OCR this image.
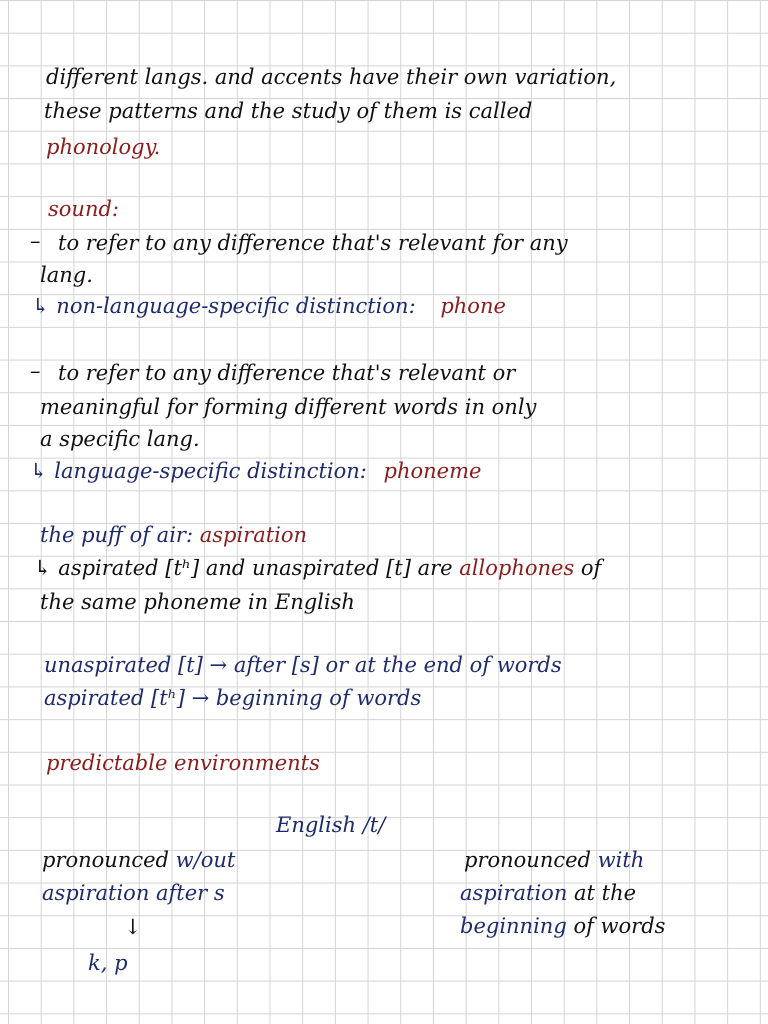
different langs. and accents have their own variation,
these patterns and the study of them is called
phonology.
sound:
– to refer to any difference that's relevant for any
lang.
↳ non-language-specific distinction: phone
– to refer to any difference that's relevant or
meaningful for forming different words in only
a specific lang.
↳ language-specific distinction: phoneme
the puff of air: aspiration
↳ aspirated [tʰ] and unaspirated [t] are allophones of
the same phoneme in English
unaspirated [t] → after [s] or at the end of words
aspirated [tʰ] → beginning of words
predictable environments
English /t/
pronounced w/out
aspiration after s
↓
k, p
pronounced with
aspiration at the
beginning of words
